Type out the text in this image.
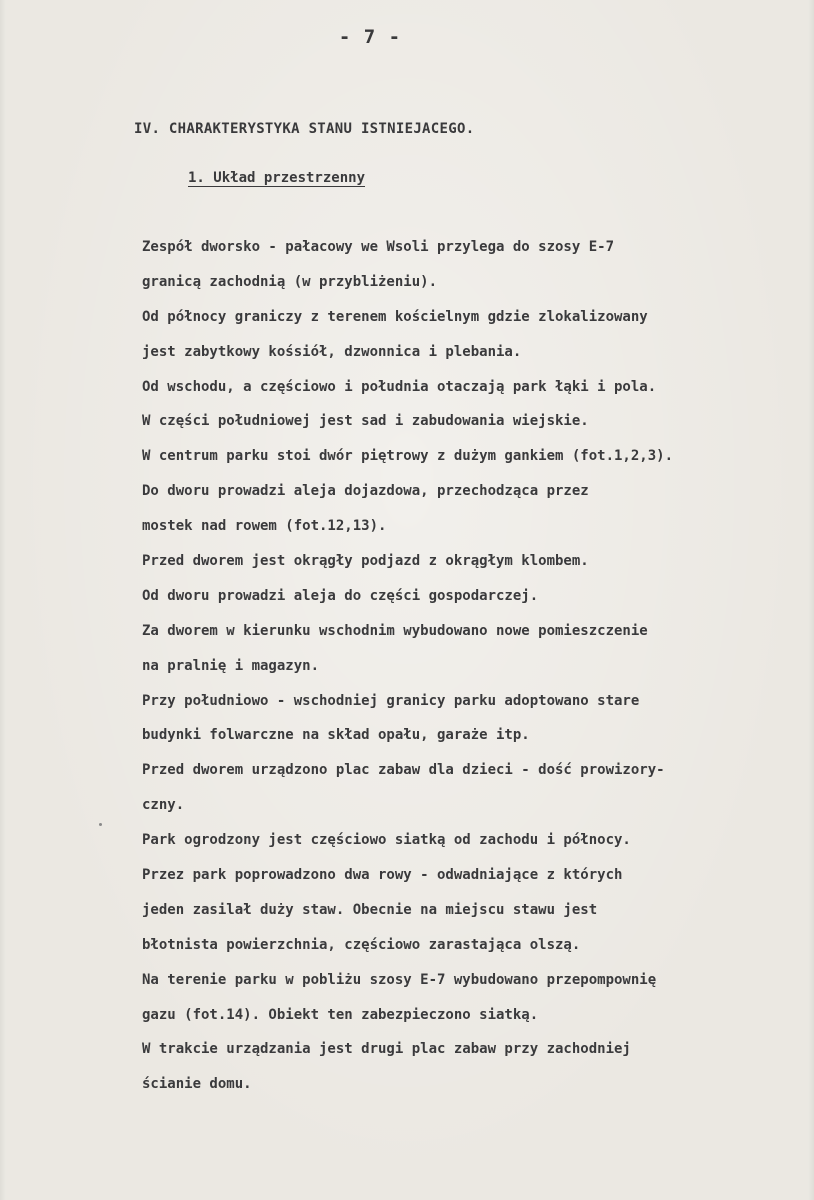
- 7 -
IV. CHARAKTERYSTYKA STANU ISTNIEJACEGO.
1. Układ przestrzenny
Zespół dworsko - pałacowy we Wsoli przylega do szosy E-7
granicą zachodnią (w przybliżeniu).
Od północy graniczy z terenem kościelnym gdzie zlokalizowany
jest zabytkowy kośsiół, dzwonnica i plebania.
Od wschodu, a częściowo i południa otaczają park łąki i pola.
W części południowej jest sad i zabudowania wiejskie.
W centrum parku stoi dwór piętrowy z dużym gankiem (fot.1,2,3).
Do dworu prowadzi aleja dojazdowa, przechodząca przez
mostek nad rowem (fot.12,13).
Przed dworem jest okrągły podjazd z okrągłym klombem.
Od dworu prowadzi aleja do części gospodarczej.
Za dworem w kierunku wschodnim wybudowano nowe pomieszczenie
na pralnię i magazyn.
Przy południowo - wschodniej granicy parku adoptowano stare
budynki folwarczne na skład opału, garaże itp.
Przed dworem urządzono plac zabaw dla dzieci - dość prowizory-
czny.
Park ogrodzony jest częściowo siatką od zachodu i północy.
Przez park poprowadzono dwa rowy - odwadniające z których
jeden zasilał duży staw. Obecnie na miejscu stawu jest
błotnista powierzchnia, częściowo zarastająca olszą.
Na terenie parku w pobliżu szosy E-7 wybudowano przepompownię
gazu (fot.14). Obiekt ten zabezpieczono siatką.
W trakcie urządzania jest drugi plac zabaw przy zachodniej
ścianie domu.
